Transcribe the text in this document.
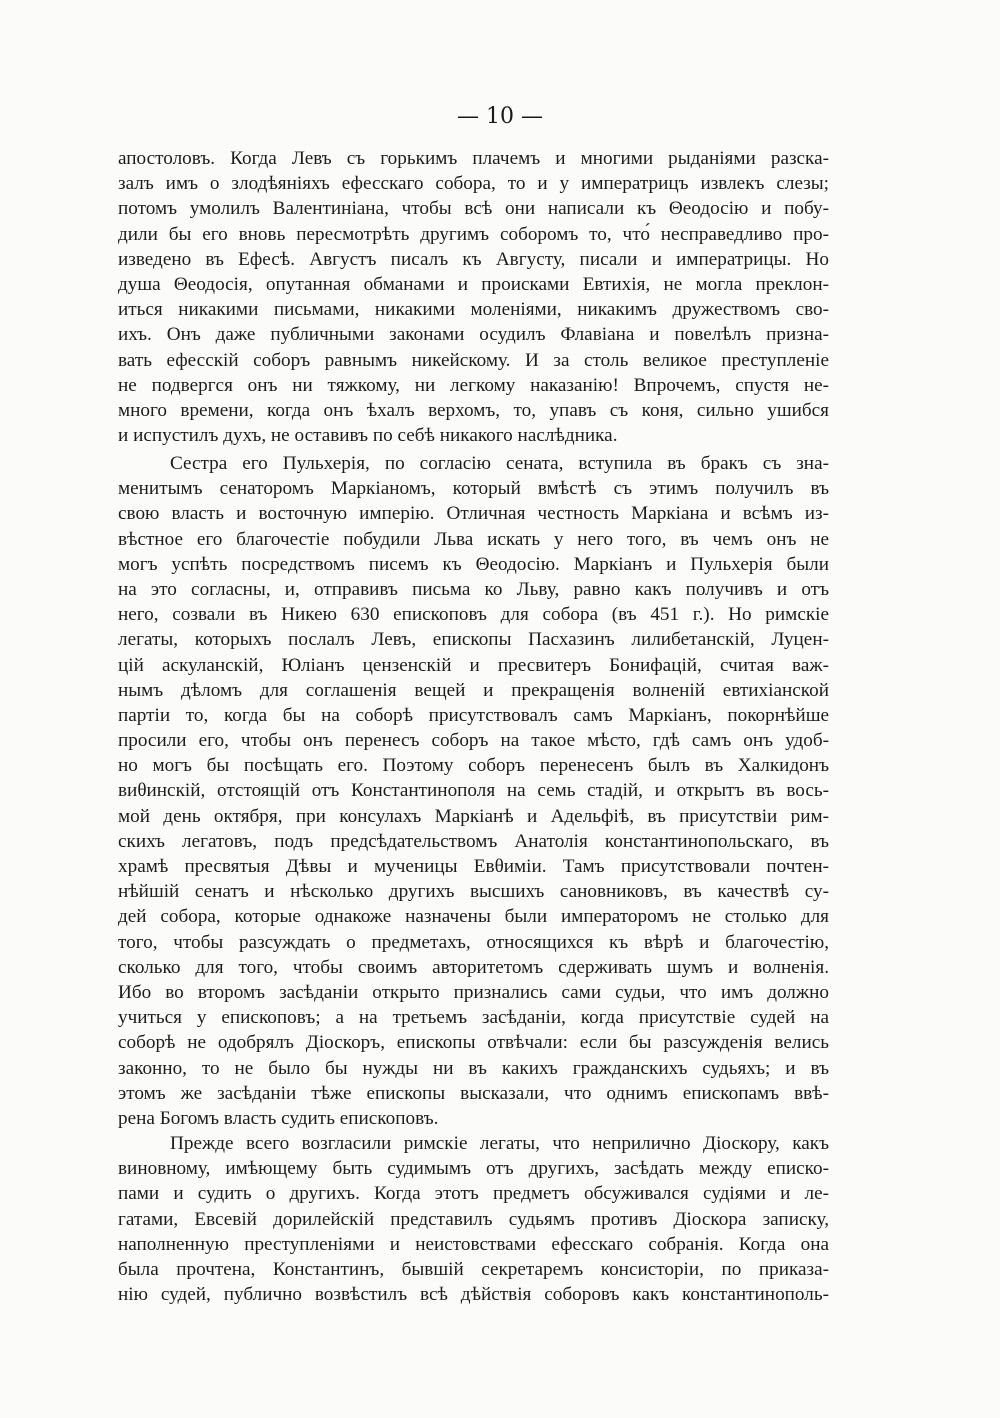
— 10 —
апостоловъ. Когда Левъ съ горькимъ плачемъ и многими рыданіями разска-
залъ имъ о злодѣяніяхъ ефесскаго собора, то и у императрицъ извлекъ слезы;
потомъ умолилъ Валентиніана, чтобы всѣ они написали къ Θеодосію и побу-
дили бы его вновь пересмотрѣть другимъ соборомъ то, что́ несправедливо про-
изведено въ Ефесѣ. Августъ писалъ къ Августу, писали и императрицы. Но
душа Θеодосія, опутанная обманами и происками Евтихія, не могла преклон-
иться никакими письмами, никакими моленіями, никакимъ дружествомъ сво-
ихъ. Онъ даже публичными законами осудилъ Флавіана и повелѣлъ призна-
вать ефесскій соборъ равнымъ никейскому. И за столь великое преступленіе
не подвергся онъ ни тяжкому, ни легкому наказанію! Впрочемъ, спустя не-
много времени, когда онъ ѣхалъ верхомъ, то, упавъ съ коня, сильно ушибся
и испустилъ духъ, не оставивъ по себѣ никакого наслѣдника.
Сестра его Пульхерія, по согласію сената, вступила въ бракъ съ зна-
менитымъ сенаторомъ Маркіаномъ, который вмѣстѣ съ этимъ получилъ въ
свою власть и восточную имперію. Отличная честность Маркіана и всѣмъ из-
вѣстное его благочестіе побудили Льва искать у него того, въ чемъ онъ не
могъ успѣть посредствомъ писемъ къ Θеодосію. Маркіанъ и Пульхерія были
на это согласны, и, отправивъ письма ко Льву, равно какъ получивъ и отъ
него, созвали въ Никею 630 епископовъ для собора (въ 451 г.). Но римскіе
легаты, которыхъ послалъ Левъ, епископы Пасхазинъ лилибетанскій, Луцен-
цій аскуланскій, Юліанъ цензенскій и пресвитеръ Бонифацій, считая важ-
нымъ дѣломъ для соглашенія вещей и прекращенія волненій евтихіанской
партіи то, когда бы на соборѣ присутствовалъ самъ Маркіанъ, покорнѣйше
просили его, чтобы онъ перенесъ соборъ на такое мѣсто, гдѣ самъ онъ удоб-
но могъ бы посѣщать его. Поэтому соборъ перенесенъ былъ въ Халкидонъ
виθинскій, отстоящій отъ Константинополя на семь стадій, и открытъ въ вось-
мой день октября, при консулахъ Маркіанѣ и Адельфіѣ, въ присутствіи рим-
скихъ легатовъ, подъ предсѣдательствомъ Анатолія константинопольскаго, въ
храмѣ пресвятыя Дѣвы и мученицы Евθиміи. Тамъ присутствовали почтен-
нѣйшій сенатъ и нѣсколько другихъ высшихъ сановниковъ, въ качествѣ су-
дей собора, которые однакоже назначены были императоромъ не столько для
того, чтобы разсуждать о предметахъ, относящихся къ вѣрѣ и благочестію,
сколько для того, чтобы своимъ авторитетомъ сдерживать шумъ и волненія.
Ибо во второмъ засѣданіи открыто признались сами судьи, что имъ должно
учиться у епископовъ; а на третьемъ засѣданіи, когда присутствіе судей на
соборѣ не одобрялъ Діоскоръ, епископы отвѣчали: если бы разсужденія велись
законно, то не было бы нужды ни въ какихъ гражданскихъ судьяхъ; и въ
этомъ же засѣданіи тѣже епископы высказали, что однимъ епископамъ ввѣ-
рена Богомъ власть судить епископовъ.
Прежде всего возгласили римскіе легаты, что неприлично Діоскору, какъ
виновному, имѣющему быть судимымъ отъ другихъ, засѣдать между еписко-
пами и судить о другихъ. Когда этотъ предметъ обсуживался судіями и ле-
гатами, Евсевій дорилейскій представилъ судьямъ противъ Діоскора записку,
наполненную преступленіями и неистовствами ефесскаго собранія. Когда она
была прочтена, Константинъ, бывшій секретаремъ консисторіи, по приказа-
нію судей, публично возвѣстилъ всѣ дѣйствія соборовъ какъ константинополь-
